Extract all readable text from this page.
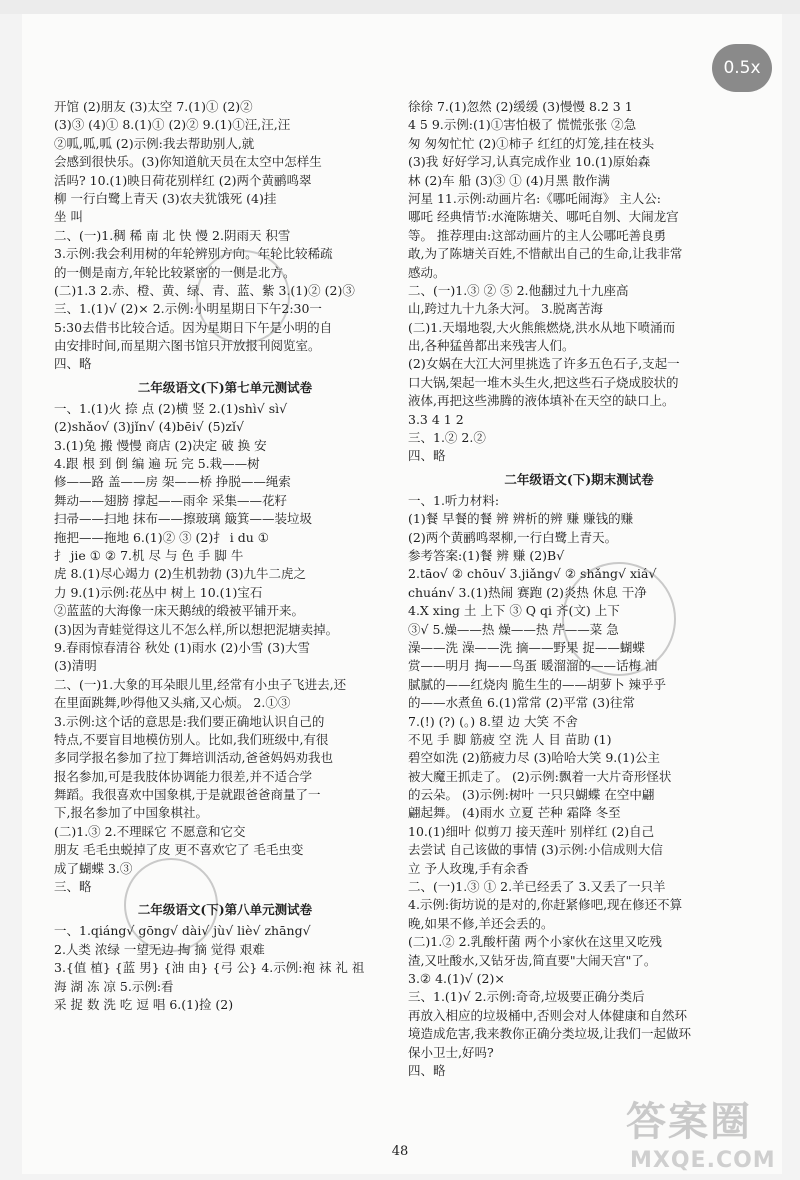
0.5x
开馆 (2)朋友 (3)太空 7.(1)① (2)②
(3)③ (4)① 8.(1)① (2)② 9.(1)①汪,汪,汪
②呱,呱,呱 (2)示例:我去帮助别人,就
会感到很快乐。(3)你知道航天员在太空中怎样生
活吗? 10.(1)映日荷花别样红 (2)两个黄鹂鸣翠
柳 一行白鹭上青天 (3)农夫犹饿死 (4)挂
坐 叫
二、(一)1.稠 稀 南 北 快 慢 2.阴雨天 积雪
3.示例:我会利用树的年轮辨别方向。年轮比较稀疏
的一侧是南方,年轮比较紧密的一侧是北方。
(二)1.3 2.赤、橙、黄、绿、青、蓝、紫 3.(1)② (2)③
三、1.(1)√ (2)× 2.示例:小明星期日下午2:30一
5:30去借书比较合适。因为星期日下午是小明的自
由安排时间,而星期六图书馆只开放报刊阅览室。
四、略
二年级语文(下)第七单元测试卷
一、1.(1)火 捺 点 (2)横 竖 2.(1)shì√ sì√
(2)shǎo√ (3)jǐn√ (4)bēi√ (5)zǐ√
3.(1)兔 搬 慢慢 商店 (2)决定 破 换 安
4.跟 根 到 倒 编 遍 玩 完 5.栽——树
修——路 盖——房 架——桥 挣脱——绳索
舞动——翅膀 撑起——雨伞 采集——花籽
扫帚——扫地 抹布——擦玻璃 簸箕——装垃圾
拖把——拖地 6.(1)② ③ (2)扌 i du ①
扌 jie ① ② 7.机 尽 与 色 手 脚 牛
虎 8.(1)尽心竭力 (2)生机勃勃 (3)九牛二虎之
力 9.(1)示例:花丛中 树上 10.(1)宝石
②蓝蓝的大海像一床天鹅绒的缎被平铺开来。
(3)因为青蛙觉得这儿不怎么样,所以想把泥塘卖掉。
9.春雨惊春清谷 秋处 (1)雨水 (2)小雪 (3)大雪
(3)清明
二、(一)1.大象的耳朵眼儿里,经常有小虫子飞进去,还
在里面跳舞,吵得他又头痛,又心烦。 2.①③
3.示例:这个话的意思是:我们要正确地认识自己的
特点,不要盲目地模仿别人。比如,我们班级中,有很
多同学报名参加了拉丁舞培训活动,爸爸妈妈劝我也
报名参加,可是我肢体协调能力很差,并不适合学
舞蹈。我很喜欢中国象棋,于是就跟爸爸商量了一
下,报名参加了中国象棋社。
(二)1.③ 2.不理睬它 不愿意和它交
朋友 毛毛虫蜕掉了皮 更不喜欢它了 毛毛虫变
成了蝴蝶 3.③
三、略
二年级语文(下)第八单元测试卷
一、1.qiáng√ gōng√ dài√ jù√ liè√ zhāng√
2.人类 浓绿 一望无边 掏 摘 觉得 艰难
3.{值 植} {蓝 男} {油 由} {弓 公} 4.示例:袍 袜 礼 祖
海 湖 冻 凉 5.示例:看
采 捉 数 洗 吃 逗 唱 6.(1)捡 (2)
徐徐 7.(1)忽然 (2)缓缓 (3)慢慢 8.2 3 1
4 5 9.示例:(1)①害怕极了 慌慌张张 ②急
匆 匆匆忙忙 (2)①柿子 红红的灯笼,挂在枝头
(3)我 好好学习,认真完成作业 10.(1)原始森
林 (2)车 船 (3)③ ① (4)月黑 散作满
河星 11.示例:动画片名:《哪吒闹海》 主人公:
哪吒 经典情节:水淹陈塘关、哪吒自刎、大闹龙宫
等。 推荐理由:这部动画片的主人公哪吒善良勇
敢,为了陈塘关百姓,不惜献出自己的生命,让我非常
感动。
二、(一)1.③ ② ⑤ 2.他翻过九十九座高
山,跨过九十九条大河。 3.脱离苦海
(二)1.天塌地裂,大火熊熊燃烧,洪水从地下喷涌而
出,各种猛兽都出来残害人们。
(2)女娲在大江大河里挑选了许多五色石子,支起一
口大锅,架起一堆木头生火,把这些石子烧成胶状的
液体,再把这些沸腾的液体填补在天空的缺口上。
3.3 4 1 2
三、1.② 2.②
四、略
二年级语文(下)期末测试卷
一、1.听力材料:
(1)餐 早餐的餐 辨 辨析的辨 赚 赚钱的赚
(2)两个黄鹂鸣翠柳,一行白鹭上青天。
参考答案:(1)餐 辨 赚 (2)B√
2.tāo√ ② chōu√ 3.jiǎng√ ② shǎng√ xiá√
chuán√ 3.(1)热闹 赛跑 (2)炎热 休息 干净
4.X xing 土 上下 ③ Q qi 齐(文) 上下
③√ 5.燥——热 燥——热 芹——菜 急
澡——洗 澡——洗 摘——野果 捉——蝴蝶
赏——明月 掏——鸟蛋 暖溜溜的——话梅 油
腻腻的——红烧肉 脆生生的——胡萝卜 辣乎乎
的——水煮鱼 6.(1)常常 (2)平常 (3)往常
7.(!) (?) (。) 8.望 边 大笑 不舍
不见 手 脚 筋疲 空 洗 人 目 苗助 (1)
碧空如洗 (2)筋疲力尽 (3)哈哈大笑 9.(1)公主
被大魔王抓走了。 (2)示例:飘着一大片奇形怪状
的云朵。 (3)示例:树叶 一只只蝴蝶 在空中翩
翩起舞。 (4)雨水 立夏 芒种 霜降 冬至
10.(1)细叶 似剪刀 接天莲叶 别样红 (2)自己
去尝试 自己该做的事情 (3)示例:小信成则大信
立 予人玫瑰,手有余香
二、(一)1.③ ① 2.羊已经丢了 3.又丢了一只羊
4.示例:街坊说的是对的,你赶紧修吧,现在修还不算
晚,如果不修,羊还会丢的。
(二)1.② 2.乳酸杆菌 两个小家伙在这里又吃残
渣,又吐酸水,又钻牙齿,简直要"大闹天宫"了。
3.② 4.(1)√ (2)×
三、1.(1)√ 2.示例:奇奇,垃圾要正确分类后
再放入相应的垃圾桶中,否则会对人体健康和自然环
境造成危害,我来教你正确分类垃圾,让我们一起做环
保小卫士,好吗?
四、略
48
答案圈
MXQE.COM
